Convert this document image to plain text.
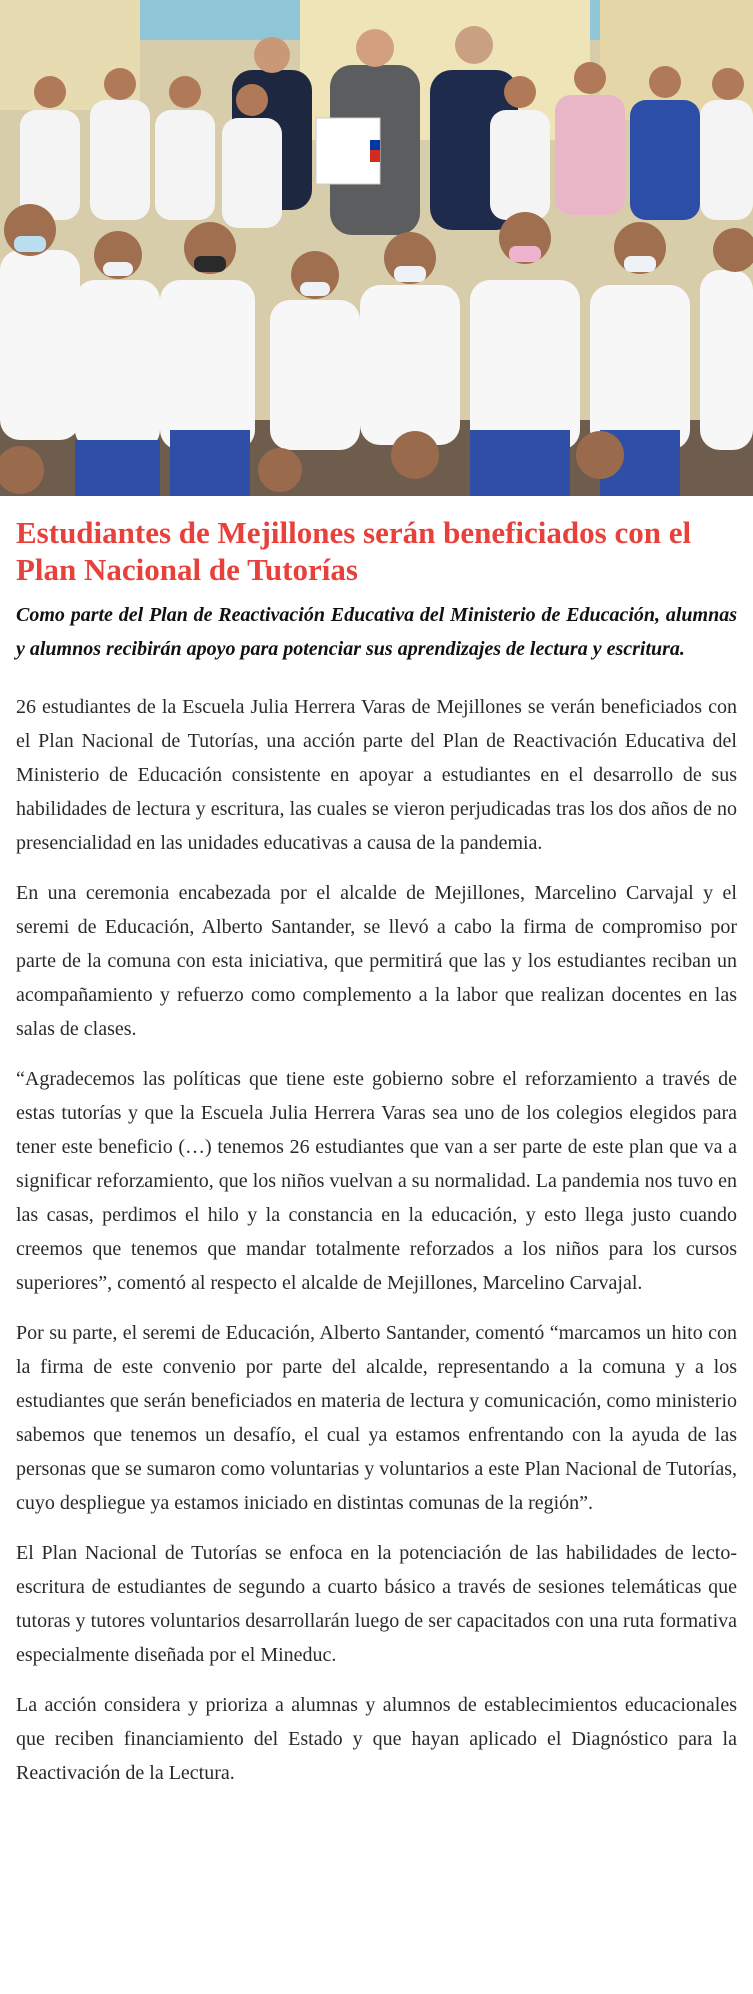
Estudiantes de Mejillones serán beneficiados con el Plan Nacional de Tutorías

Como parte del Plan de Reactivación Educativa del Ministerio de Educación, alumnas y alumnos recibirán apoyo para potenciar sus aprendizajes de lectura y escritura.

26 estudiantes de la Escuela Julia Herrera Varas de Mejillones se verán beneficiados con el Plan Nacional de Tutorías, una acción parte del Plan de Reactivación Educativa del Ministerio de Educación consistente en apoyar a estudiantes en el desarrollo de sus habilidades de lectura y escritura, las cuales se vieron perjudicadas tras los dos años de no presencialidad en las unidades educativas a causa de la pandemia.

En una ceremonia encabezada por el alcalde de Mejillones, Marcelino Carvajal y el seremi de Educación, Alberto Santander, se llevó a cabo la firma de compromiso por parte de la comuna con esta iniciativa, que permitirá que las y los estudiantes reciban un acompañamiento y refuerzo como complemento a la labor que realizan docentes en las salas de clases.

“Agradecemos las políticas que tiene este gobierno sobre el reforzamiento a través de estas tutorías y que la Escuela Julia Herrera Varas sea uno de los colegios elegidos para tener este beneficio (…) tenemos 26 estudiantes que van a ser parte de este plan que va a significar reforzamiento, que los niños vuelvan a su normalidad. La pandemia nos tuvo en las casas, perdimos el hilo y la constancia en la educación, y esto llega justo cuando creemos que tenemos que mandar totalmente reforzados a los niños para los cursos superiores”, comentó al respecto el alcalde de Mejillones, Marcelino Carvajal.

Por su parte, el seremi de Educación, Alberto Santander, comentó “marcamos un hito con la firma de este convenio por parte del alcalde, representando a la comuna y a los estudiantes que serán beneficiados en materia de lectura y comunicación, como ministerio sabemos que tenemos un desafío, el cual ya estamos enfrentando con la ayuda de las personas que se sumaron como voluntarias y voluntarios a este Plan Nacional de Tutorías, cuyo despliegue ya estamos iniciado en distintas comunas de la región”.

El Plan Nacional de Tutorías se enfoca en la potenciación de las habilidades de lecto-escritura de estudiantes de segundo a cuarto básico a través de sesiones telemáticas que tutoras y tutores voluntarios desarrollarán luego de ser capacitados con una ruta formativa especialmente diseñada por el Mineduc.

La acción considera y prioriza a alumnas y alumnos de establecimientos educacionales que reciben financiamiento del Estado y que hayan aplicado el Diagnóstico para la Reactivación de la Lectura.
